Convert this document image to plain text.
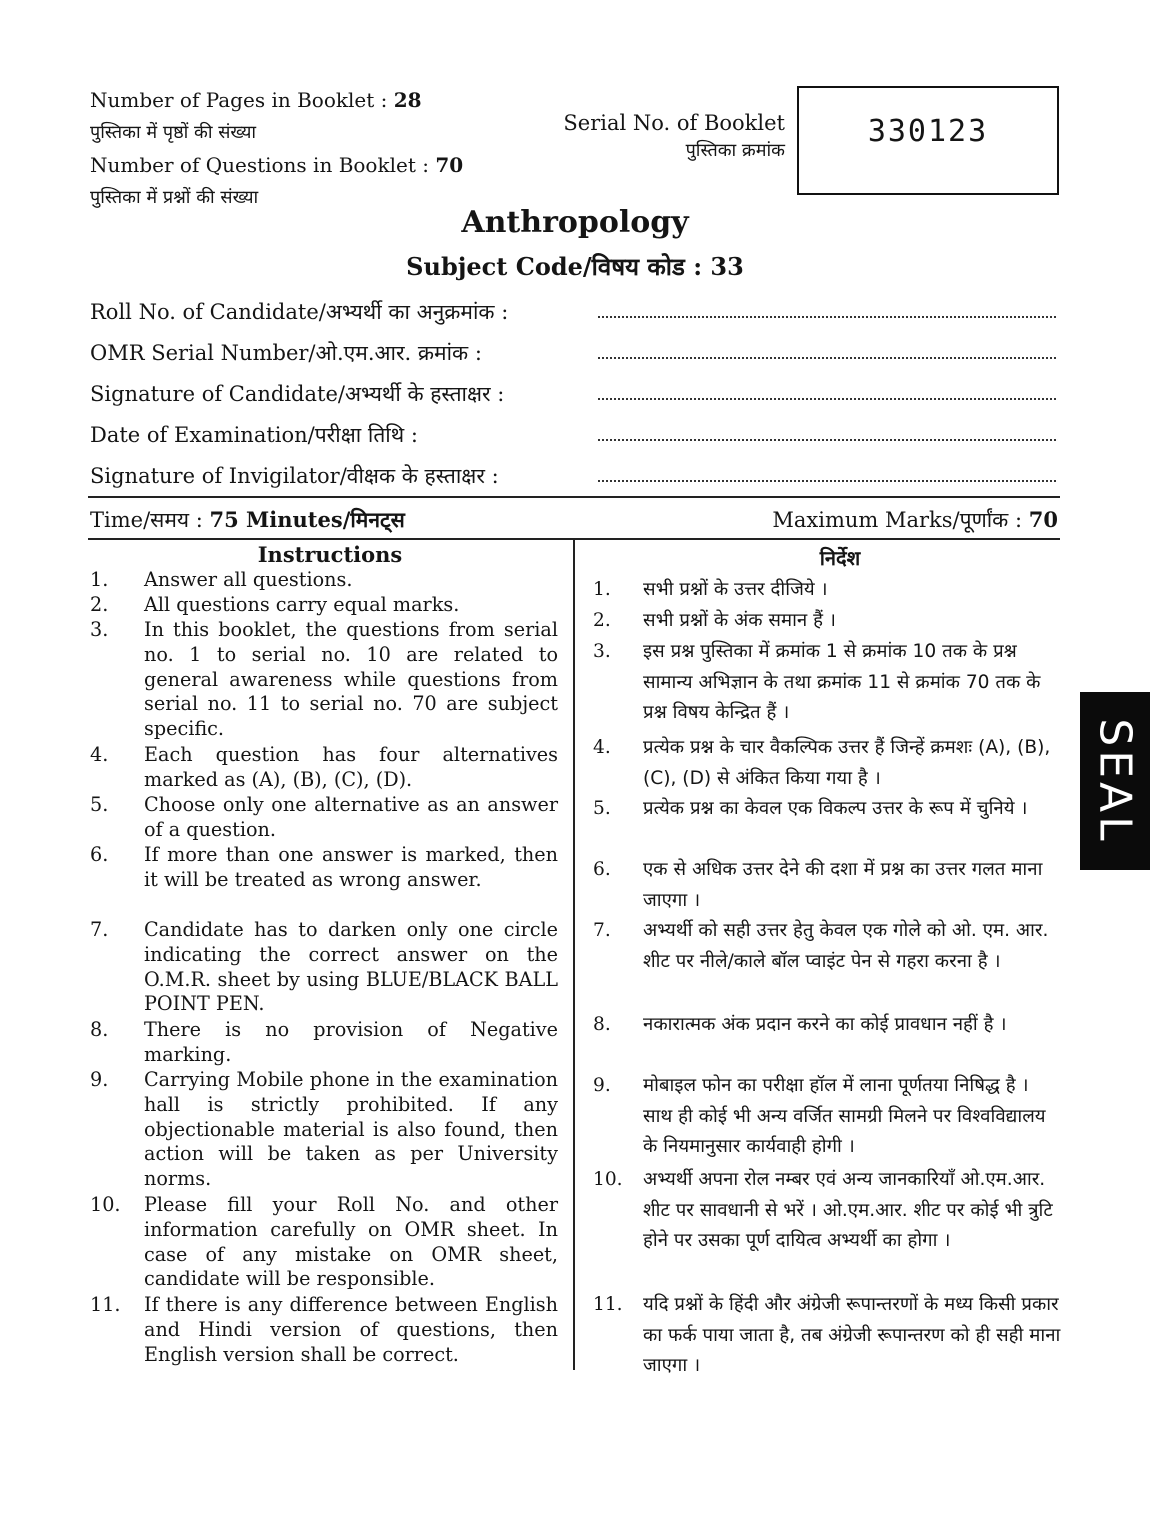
Number of Pages in Booklet : 28
पुस्तिका में पृष्ठों की संख्या
Number of Questions in Booklet : 70
पुस्तिका में प्रश्नों की संख्या
Serial No. of Booklet
पुस्तिका क्रमांक
330123
Anthropology
Subject Code/विषय कोड : 33
Roll No. of Candidate/अभ्यर्थी का अनुक्रमांक :
OMR Serial Number/ओ.एम.आर. क्रमांक :
Signature of Candidate/अभ्यर्थी के हस्ताक्षर :
Date of Examination/परीक्षा तिथि :
Signature of Invigilator/वीक्षक के हस्ताक्षर :
Time/समय : 75 Minutes/मिनट्स	Maximum Marks/पूर्णांक : 70
Instructions
1.	Answer all questions.
2.	All questions carry equal marks.
3.	In this booklet, the questions from serial no. 1 to serial no. 10 are related to general awareness while questions from serial no. 11 to serial no. 70 are subject specific.
4.	Each question has four alternatives marked as (A), (B), (C), (D).
5.	Choose only one alternative as an answer of a question.
6.	If more than one answer is marked, then it will be treated as wrong answer.
7.	Candidate has to darken only one circle indicating the correct answer on the O.M.R. sheet by using BLUE/BLACK BALL POINT PEN.
8.	There is no provision of Negative marking.
9.	Carrying Mobile phone in the examination hall is strictly prohibited. If any objectionable material is also found, then action will be taken as per University norms.
10.	Please fill your Roll No. and other information carefully on OMR sheet. In case of any mistake on OMR sheet, candidate will be responsible.
11.	If there is any difference between English and Hindi version of questions, then English version shall be correct.
निर्देश
1.	सभी प्रश्नों के उत्तर दीजिये ।
2.	सभी प्रश्नों के अंक समान हैं ।
3.	इस प्रश्न पुस्तिका में क्रमांक 1 से क्रमांक 10 तक के प्रश्न सामान्य अभिज्ञान के तथा क्रमांक 11 से क्रमांक 70 तक के प्रश्न विषय केन्द्रित हैं ।
4.	प्रत्येक प्रश्न के चार वैकल्पिक उत्तर हैं जिन्हें क्रमशः (A), (B), (C), (D) से अंकित किया गया है ।
5.	प्रत्येक प्रश्न का केवल एक विकल्प उत्तर के रूप में चुनिये ।
6.	एक से अधिक उत्तर देने की दशा में प्रश्न का उत्तर गलत माना जाएगा ।
7.	अभ्यर्थी को सही उत्तर हेतु केवल एक गोले को ओ. एम. आर. शीट पर नीले/काले बॉल प्वाइंट पेन से गहरा करना है ।
8.	नकारात्मक अंक प्रदान करने का कोई प्रावधान नहीं है ।
9.	मोबाइल फोन का परीक्षा हॉल में लाना पूर्णतया निषिद्ध है । साथ ही कोई भी अन्य वर्जित सामग्री मिलने पर विश्वविद्यालय के नियमानुसार कार्यवाही होगी ।
10.	अभ्यर्थी अपना रोल नम्बर एवं अन्य जानकारियाँ ओ.एम.आर. शीट पर सावधानी से भरें । ओ.एम.आर. शीट पर कोई भी त्रुटि होने पर उसका पूर्ण दायित्व अभ्यर्थी का होगा ।
11.	यदि प्रश्नों के हिंदी और अंग्रेजी रूपान्तरणों के मध्य किसी प्रकार का फर्क पाया जाता है, तब अंग्रेजी रूपान्तरण को ही सही माना जाएगा ।
SEAL
